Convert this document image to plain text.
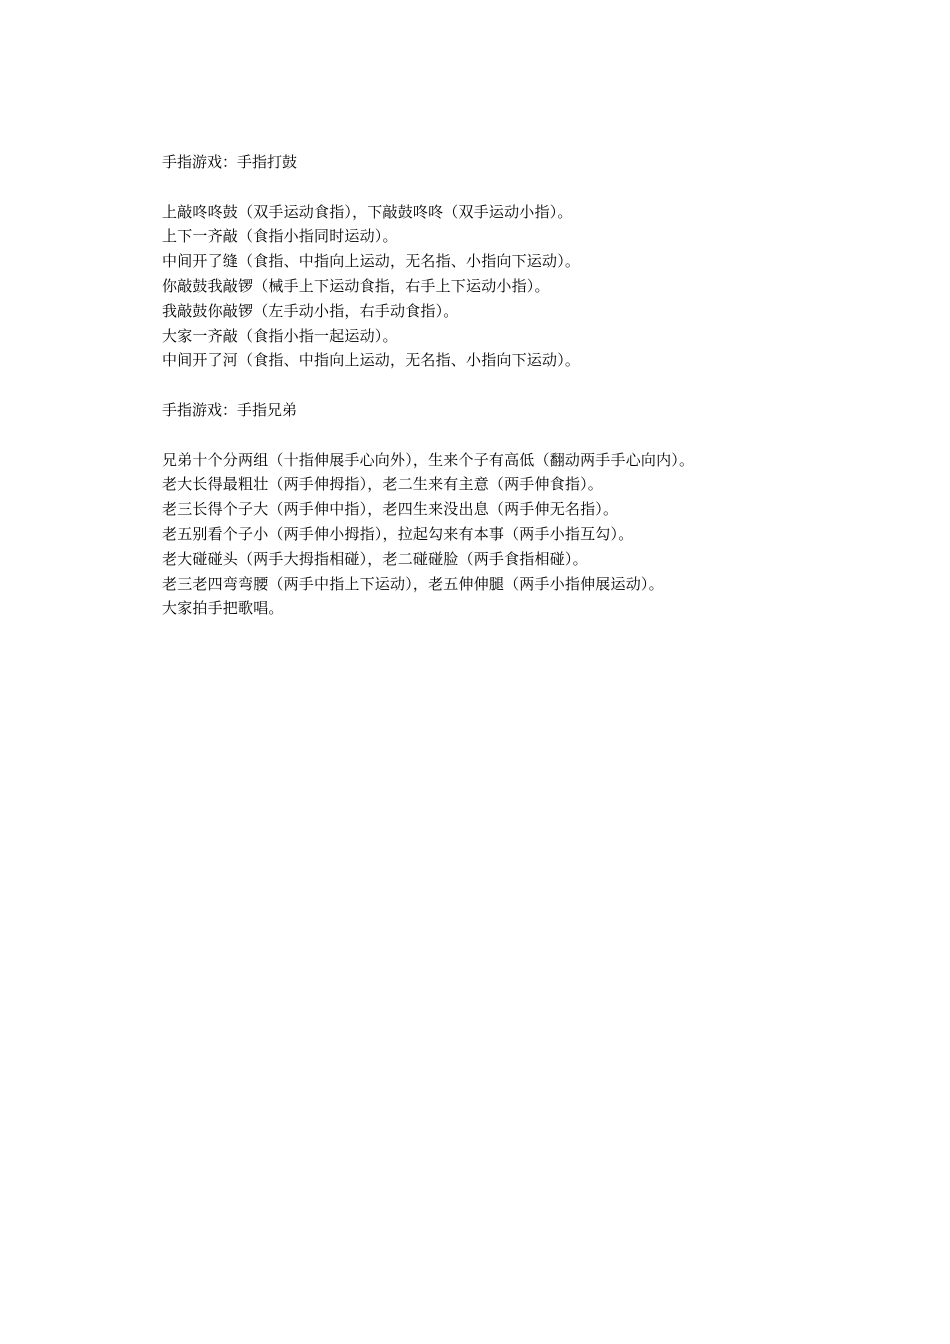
手指游戏：手指打鼓
上敲咚咚鼓（双手运动食指），下敲鼓咚咚（双手运动小指）。
上下一齐敲（食指小指同时运动）。
中间开了缝（食指、中指向上运动，无名指、小指向下运动）。
你敲鼓我敲锣（械手上下运动食指，右手上下运动小指）。
我敲鼓你敲锣（左手动小指，右手动食指）。
大家一齐敲（食指小指一起运动）。
中间开了河（食指、中指向上运动，无名指、小指向下运动）。
手指游戏：手指兄弟
兄弟十个分两组（十指伸展手心向外），生来个子有高低（翻动两手手心向内）。
老大长得最粗壮（两手伸拇指），老二生来有主意（两手伸食指）。
老三长得个子大（两手伸中指），老四生来没出息（两手伸无名指）。
老五别看个子小（两手伸小拇指），拉起勾来有本事（两手小指互勾）。
老大碰碰头（两手大拇指相碰），老二碰碰脸（两手食指相碰）。
老三老四弯弯腰（两手中指上下运动），老五伸伸腿（两手小指伸展运动）。
大家拍手把歌唱。
